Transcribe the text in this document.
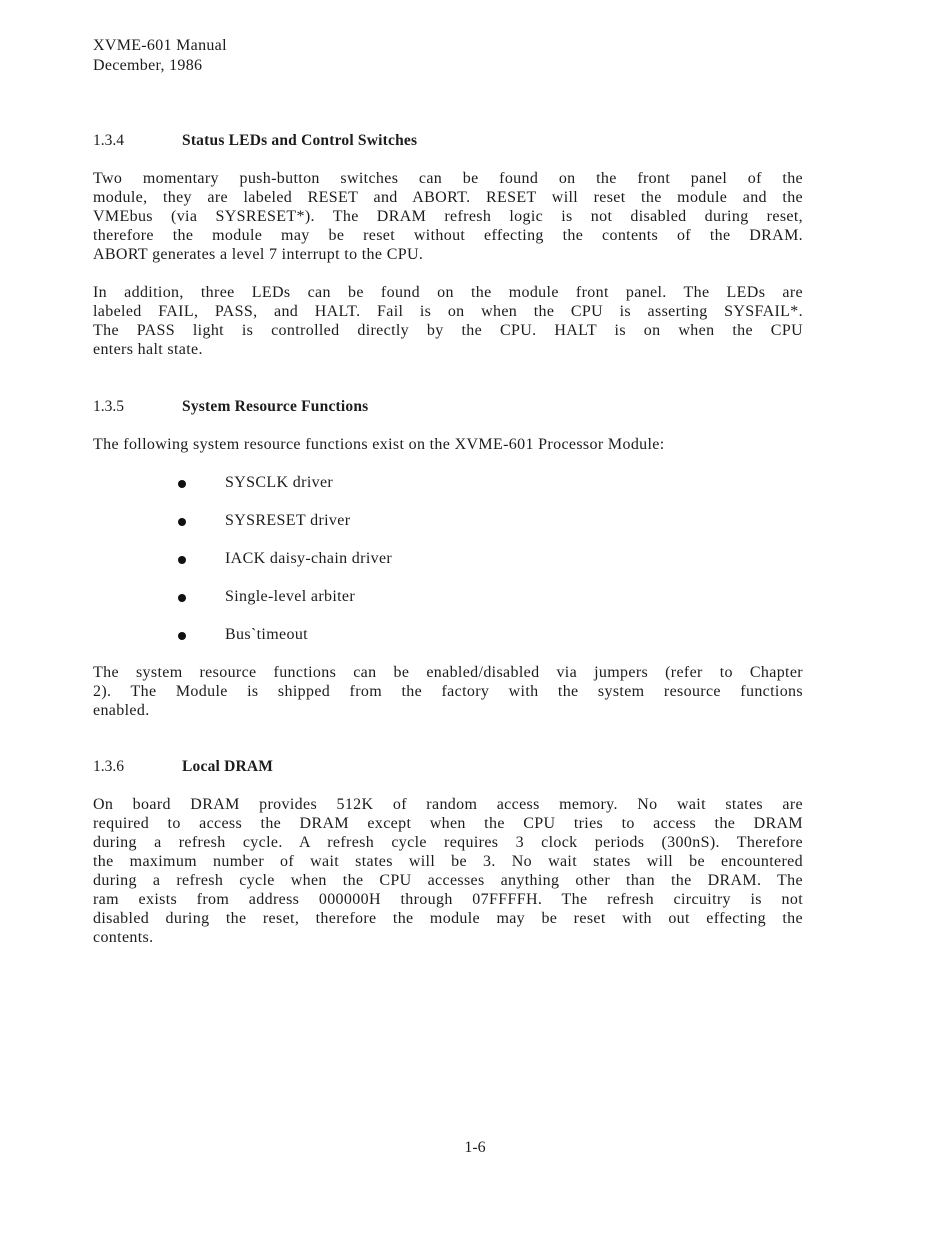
XVME-601 Manual
December, 1986
1.3.4	Status LEDs and Control Switches
Two momentary push-button switches can be found on the front panel of the
module, they are labeled RESET and ABORT. RESET will reset the module and the
VMEbus (via SYSRESET*). The DRAM refresh logic is not disabled during reset,
therefore the module may be reset without effecting the contents of the DRAM.
ABORT generates a level 7 interrupt to the CPU.
In addition, three LEDs can be found on the module front panel. The LEDs are
labeled FAIL, PASS, and HALT. Fail is on when the CPU is asserting SYSFAIL*.
The PASS light is controlled directly by the CPU. HALT is on when the CPU
enters halt state.
1.3.5	System Resource Functions
The following system resource functions exist on the XVME-601 Processor Module:
SYSCLK driver
SYSRESET driver
IACK daisy-chain driver
Single-level arbiter
Bus`timeout
The system resource functions can be enabled/disabled via jumpers (refer to Chapter
2). The Module is shipped from the factory with the system resource functions
enabled.
1.3.6	Local DRAM
On board DRAM provides 512K of random access memory. No wait states are
required to access the DRAM except when the CPU tries to access the DRAM
during a refresh cycle. A refresh cycle requires 3 clock periods (300nS). Therefore
the maximum number of wait states will be 3. No wait states will be encountered
during a refresh cycle when the CPU accesses anything other than the DRAM. The
ram exists from address 000000H through 07FFFFH. The refresh circuitry is not
disabled during the reset, therefore the module may be reset with out effecting the
contents.
1-6
